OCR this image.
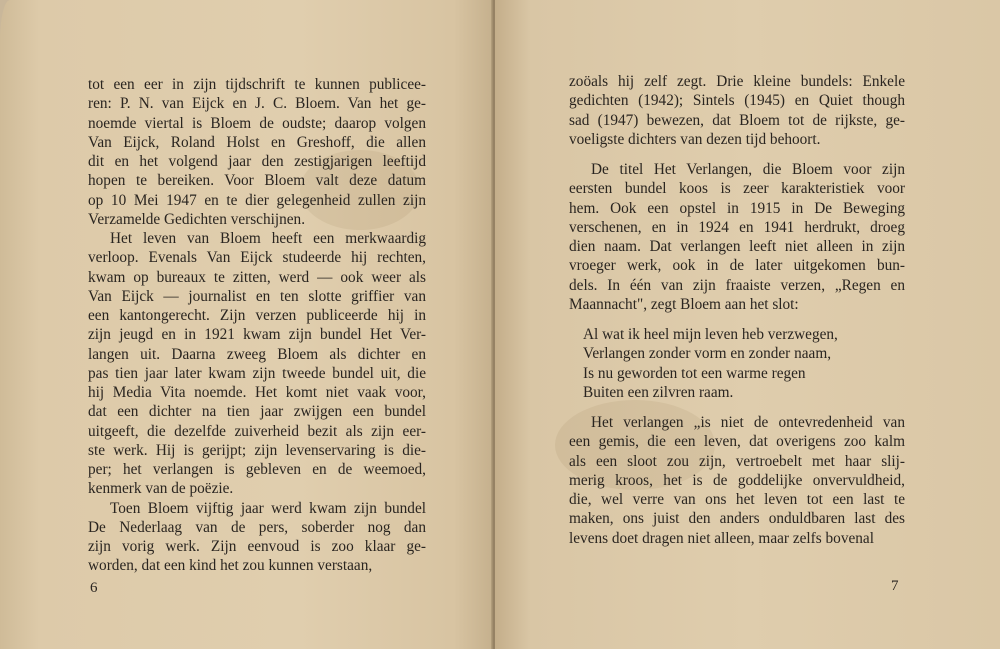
tot een eer in zijn tijdschrift te kunnen publicee-
ren: P. N. van Eijck en J. C. Bloem. Van het ge-
noemde viertal is Bloem de oudste; daarop volgen
Van Eijck, Roland Holst en Greshoff, die allen
dit en het volgend jaar den zestigjarigen leeftijd
hopen te bereiken. Voor Bloem valt deze datum
op 10 Mei 1947 en te dier gelegenheid zullen zijn
Verzamelde Gedichten verschijnen.
Het leven van Bloem heeft een merkwaardig
verloop. Evenals Van Eijck studeerde hij rechten,
kwam op bureaux te zitten, werd — ook weer als
Van Eijck — journalist en ten slotte griffier van
een kantongerecht. Zijn verzen publiceerde hij in
zijn jeugd en in 1921 kwam zijn bundel Het Ver-
langen uit. Daarna zweeg Bloem als dichter en
pas tien jaar later kwam zijn tweede bundel uit, die
hij Media Vita noemde. Het komt niet vaak voor,
dat een dichter na tien jaar zwijgen een bundel
uitgeeft, die dezelfde zuiverheid bezit als zijn eer-
ste werk. Hij is gerijpt; zijn levenservaring is die-
per; het verlangen is gebleven en de weemoed,
kenmerk van de poëzie.
Toen Bloem vijftig jaar werd kwam zijn bundel
De Nederlaag van de pers, soberder nog dan
zijn vorig werk. Zijn eenvoud is zoo klaar ge-
worden, dat een kind het zou kunnen verstaan,
6
zoöals hij zelf zegt. Drie kleine bundels: Enkele
gedichten (1942); Sintels (1945) en Quiet though
sad (1947) bewezen, dat Bloem tot de rijkste, ge-
voeligste dichters van dezen tijd behoort.
De titel Het Verlangen, die Bloem voor zijn
eersten bundel koos is zeer karakteristiek voor
hem. Ook een opstel in 1915 in De Beweging
verschenen, en in 1924 en 1941 herdrukt, droeg
dien naam. Dat verlangen leeft niet alleen in zijn
vroeger werk, ook in de later uitgekomen bun-
dels. In één van zijn fraaiste verzen, „Regen en
Maannacht", zegt Bloem aan het slot:
Al wat ik heel mijn leven heb verzwegen,
Verlangen zonder vorm en zonder naam,
Is nu geworden tot een warme regen
Buiten een zilvren raam.
Het verlangen „is niet de ontevredenheid van
een gemis, die een leven, dat overigens zoo kalm
als een sloot zou zijn, vertroebelt met haar slij-
merig kroos, het is de goddelijke onvervuldheid,
die, wel verre van ons het leven tot een last te
maken, ons juist den anders onduldbaren last des
levens doet dragen niet alleen, maar zelfs bovenal
7
